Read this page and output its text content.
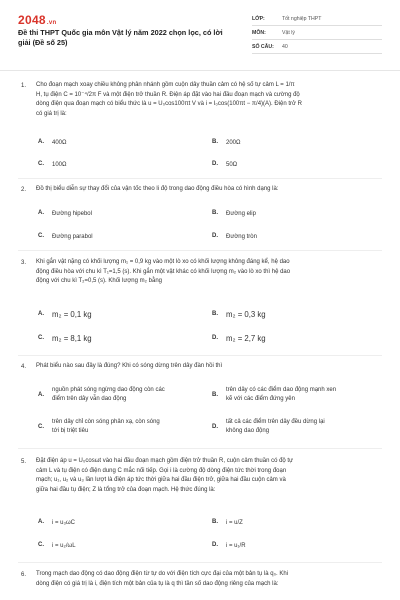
2048.vn
Đề thi THPT Quốc gia môn Vật lý năm 2022 chọn lọc, có lời giải (Đề số 25)
LỚP:	Tốt nghiệp THPT
MÔN:	Vật lý
SỐ CÂU:	40
1. Cho đoạn mạch xoay chiều không phân nhánh gồm cuộn dây thuần cảm có hệ số tự cảm L = 1/π
H, tụ điện C = 10⁻⁴/2π F và một điện trở thuần R. Điện áp đặt vào hai đầu đoạn mạch và cường độ
dòng điện qua đoạn mạch có biểu thức là u = U₀cos100πt V và i = I₀cos(100πt − π/4)(A). Điện trở R
có giá trị là:
A.	400Ω	B.	200Ω
C.	100Ω	D.	50Ω
2. Đồ thị biểu diễn sự thay đổi của vận tốc theo li độ trong dao động điều hòa có hình dạng là:
A.	Đường hipebol	B.	Đường elip
C.	Đường parabol	D.	Đường tròn
3. Khi gắn vật nặng có khối lượng m₁ = 0,9 kg vào một lò xo có khối lượng không đáng kể, hệ dao
động điều hòa với chu kì T₁=1,5 (s). Khi gắn một vật khác có khối lượng m₂ vào lò xo thì hệ dao
động với chu kì T₂=0,5 (s). Khối lượng m₂ bằng
A.	m₂ = 0,1 kg	B.	m₂ = 0,3 kg
C.	m₂ = 8,1 kg	D.	m₂ = 2,7 kg
4. Phát biểu nào sau đây là đúng? Khi có sóng dừng trên dây đàn hồi thì
A.
nguồn phát sóng ngừng dao động còn các
điểm trên dây vẫn dao động
B.
trên dây có các điểm dao động mạnh xen
kẽ với các điểm đứng yên
C.
trên dây chỉ còn sóng phản xạ, còn sóng
tới bị triệt tiêu
D.
tất cả các điểm trên dây đều dừng lại
không dao động
5. Đặt điện áp u = U₀cosωt vào hai đầu đoạn mạch gồm điện trở thuần R, cuộn cảm thuần có độ tự
cảm L và tụ điện có điện dung C mắc nối tiếp. Gọi i là cường độ dòng điện tức thời trong đoạn
mạch; u₁, u₂ và u₃ lần lượt là điện áp tức thời giữa hai đầu điện trở, giữa hai đầu cuộn cảm và
giữa hai đầu tụ điện; Z là tổng trở của đoạn mạch. Hệ thức đúng là:
A.	i = u₃ωC	B.	i = u/Z
C.	i = u₂/ωL	D.	i = u₁/R
6. Trong mạch dao động có dao động điện từ tự do với điện tích cực đại của một bản tụ là q₀. Khi
dòng điện có giá trị là i, điện tích một bản của tụ là q thì tần số dao động riêng của mạch là:
